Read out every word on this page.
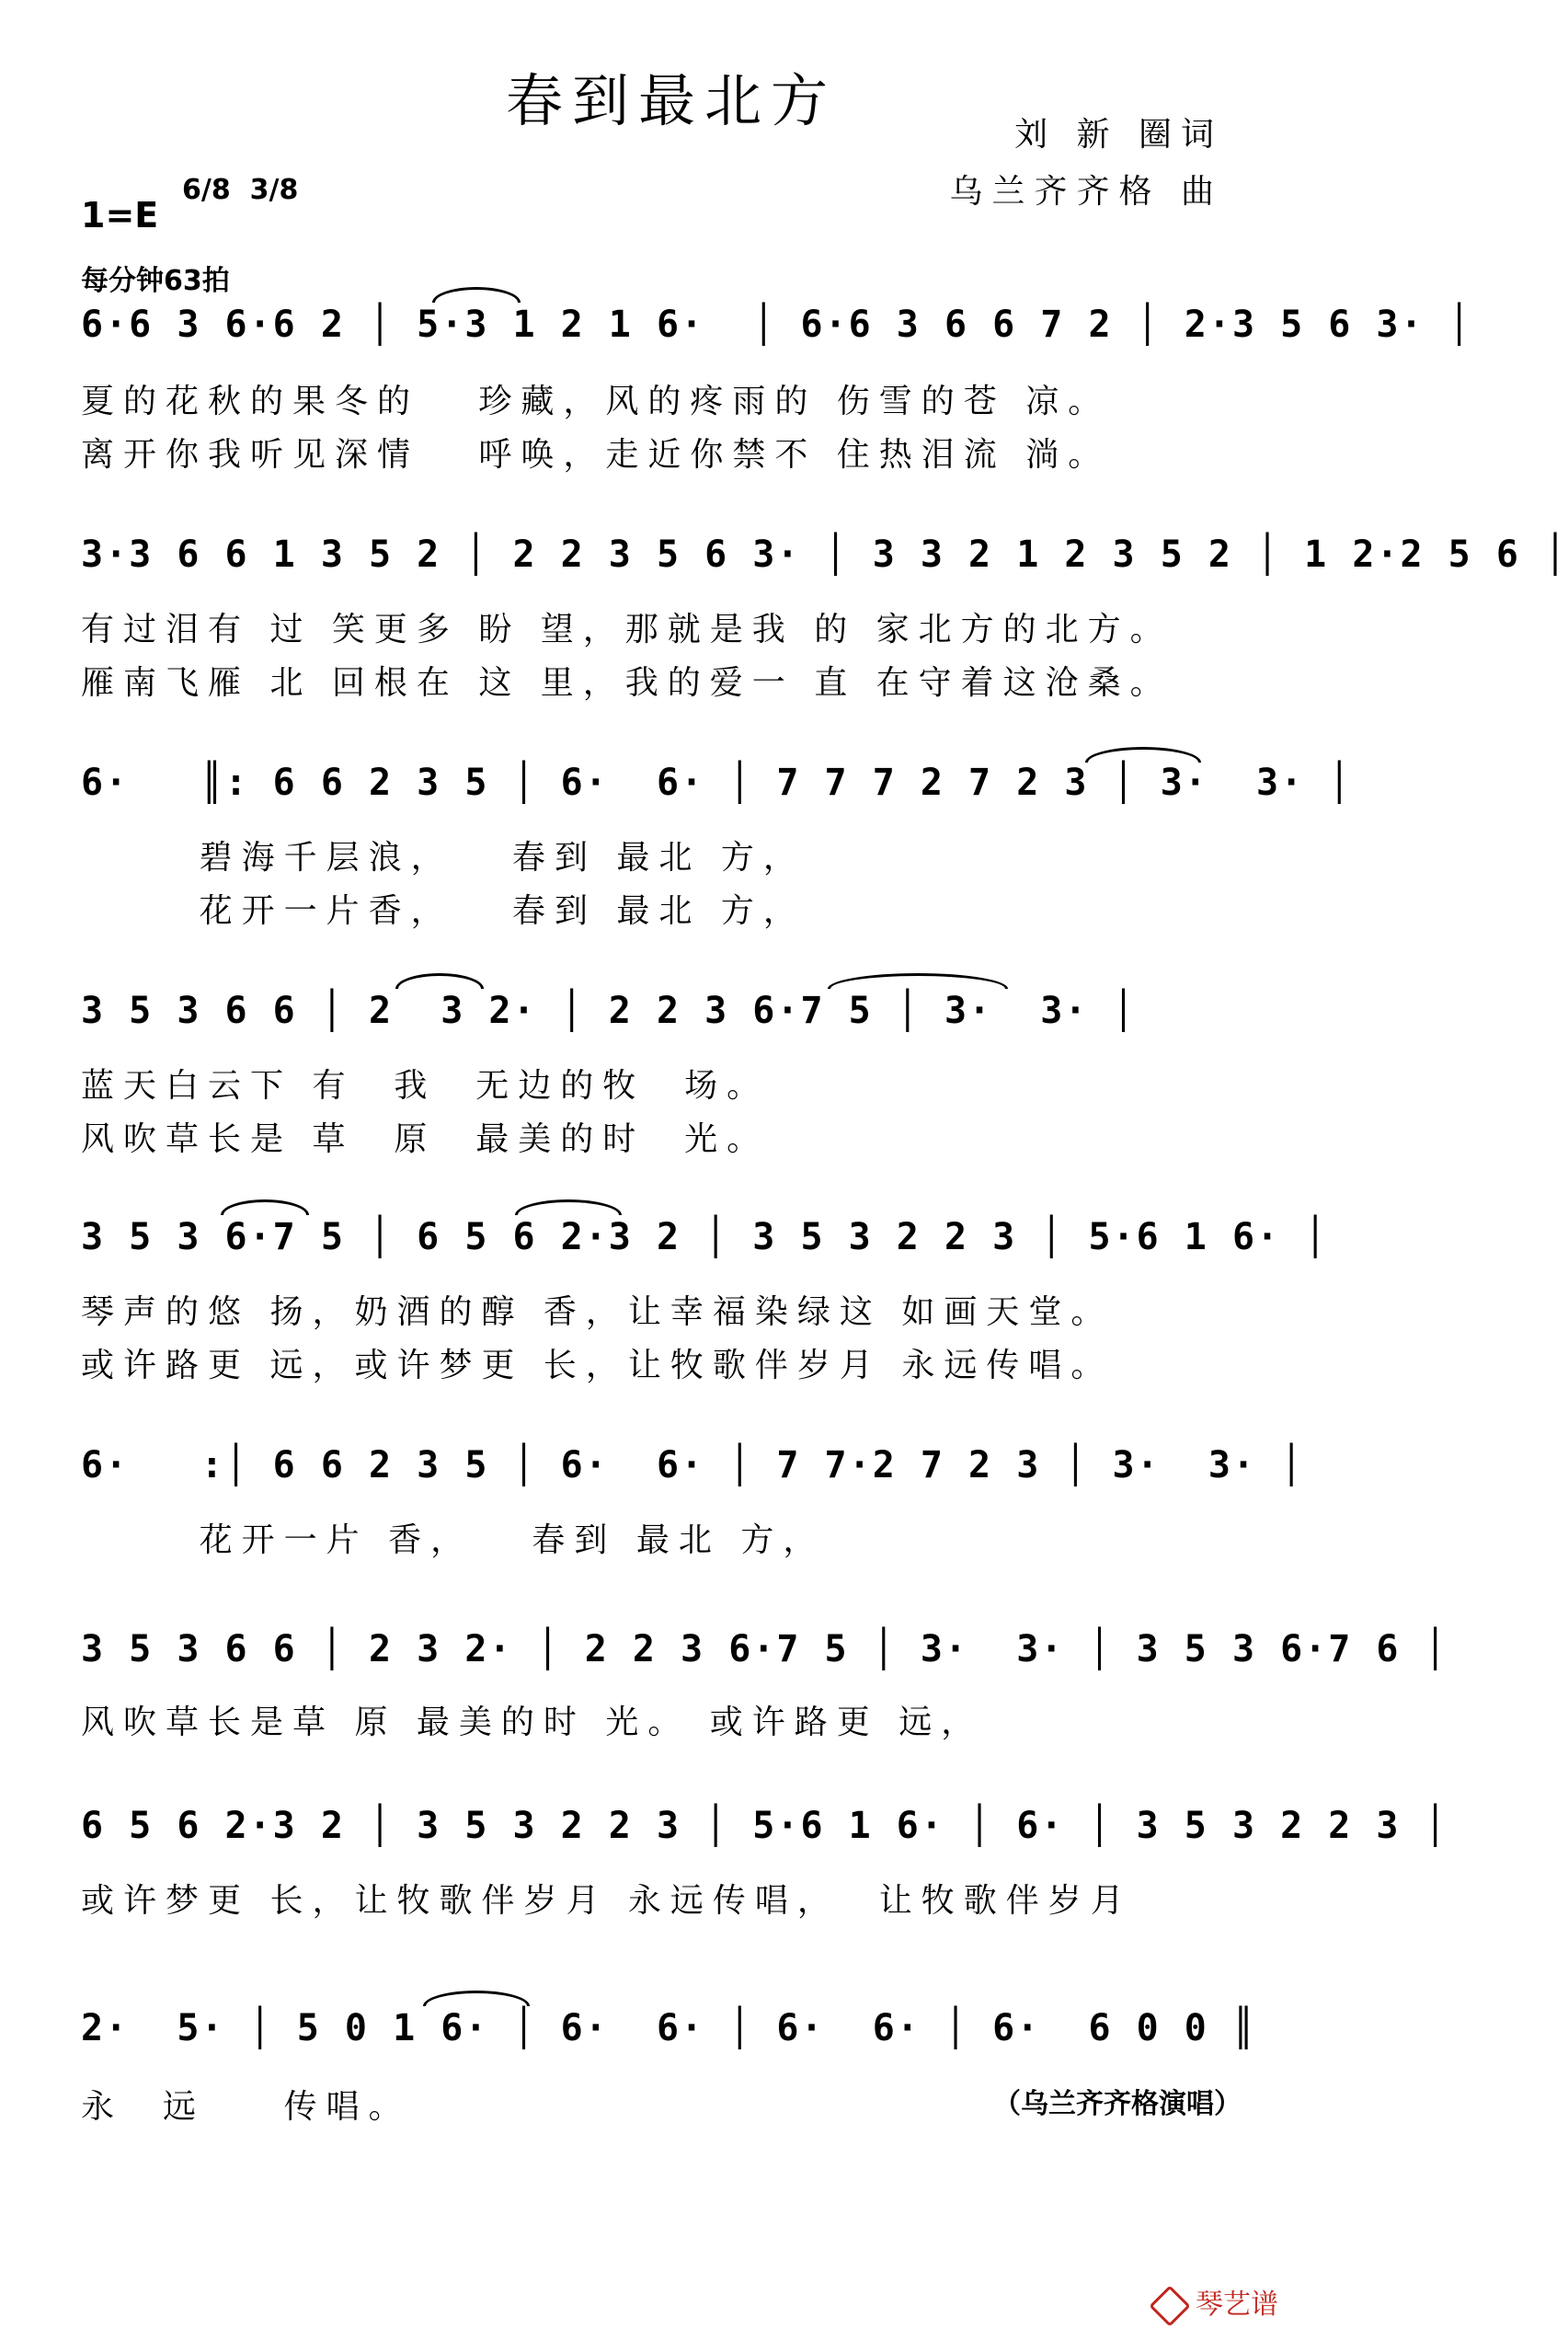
春到最北方
刘 新 圈词
乌兰齐齐格 曲
1=E
6/8 3/8
每分钟63拍
6·6 3 6·6 2 │ 5·3 1 2 1 6·  │ 6·6 3 6 6 7 2 │ 2·3 5 6 3· │
夏的花秋的果冬的   珍藏，风的疼雨的 伤雪的苍 凉。
离开你我听见深情   呼唤，走近你禁不 住热泪流 淌。
3·3 6 6 1 3 5 2 │ 2 2 3 5 6 3· │ 3 3 2 1 2 3 5 2 │ 1 2·2 5 6 │
有过泪有 过 笑更多 盼 望，那就是我 的 家北方的北方。
雁南飞雁 北 回根在 这 里，我的爱一 直 在守着这沧桑。
6·   ║: 6 6 2 3 5 │ 6·  6· │ 7 7 7 2 7 2 3 │ 3·  3· │
碧海千层浪，   春到 最北 方，
花开一片香，   春到 最北 方，
3 5 3 6 6 │ 2  3 2· │ 2 2 3 6·7 5 │ 3·  3· │
蓝天白云下 有  我  无边的牧  场。
风吹草长是 草  原  最美的时  光。
3 5 3 6·7 5 │ 6 5 6 2·3 2 │ 3 5 3 2 2 3 │ 5·6 1 6· │
琴声的悠 扬，奶酒的醇 香，让幸福染绿这 如画天堂。
或许路更 远，或许梦更 长，让牧歌伴岁月 永远传唱。
6·   :│ 6 6 2 3 5 │ 6·  6· │ 7 7·2 7 2 3 │ 3·  3· │
花开一片 香，   春到 最北 方，
3 5 3 6 6 │ 2 3 2· │ 2 2 3 6·7 5 │ 3·  3· │ 3 5 3 6·7 6 │
风吹草长是草 原 最美的时 光。 或许路更 远，
6 5 6 2·3 2 │ 3 5 3 2 2 3 │ 5·6 1 6· │ 6· │ 3 5 3 2 2 3 │
或许梦更 长，让牧歌伴岁月 永远传唱，  让牧歌伴岁月
2·  5· │ 5 0 1 6· │ 6·  6· │ 6·  6· │ 6·  6 0 0 ║
永  远    传唱。	（乌兰齐齐格演唱）
琴艺谱
